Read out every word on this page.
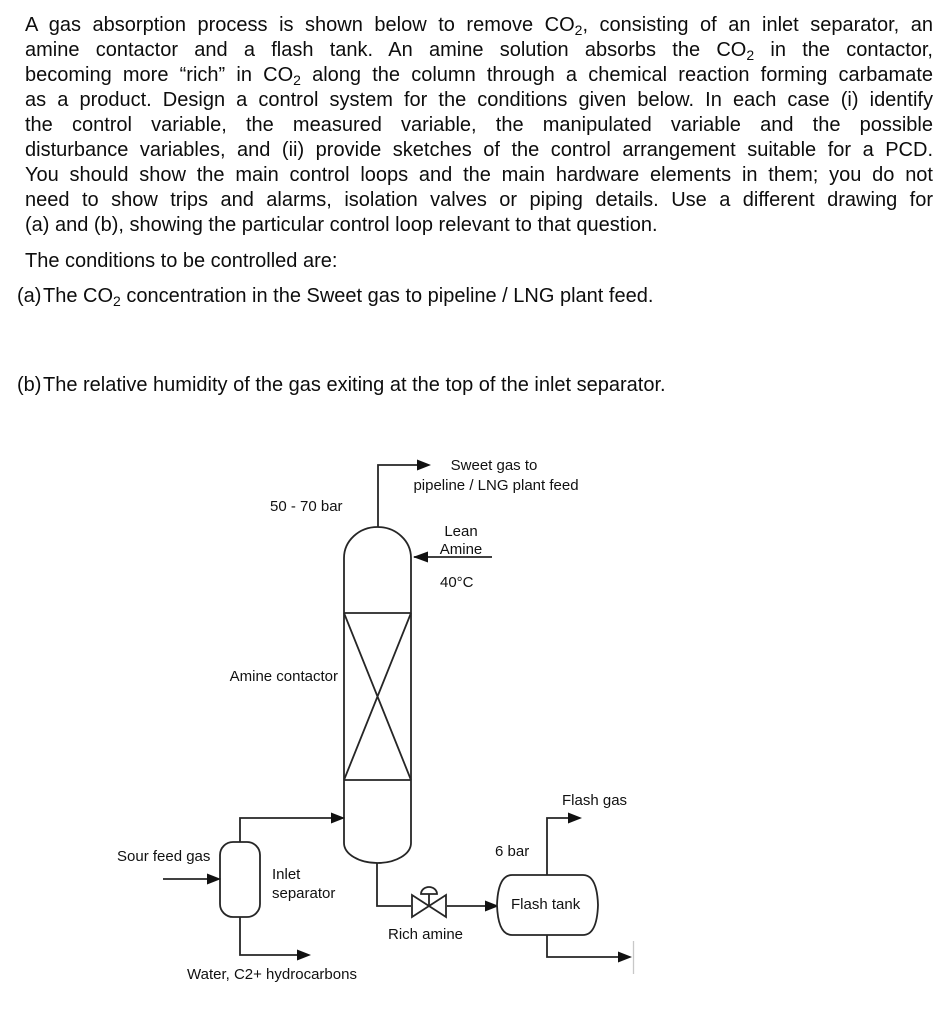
A gas absorption process is shown below to remove $CO_2$, consisting of an inlet separator, an
amine contactor and a flash tank. An amine solution absorbs the $CO_2$ in the contactor,
becoming more “rich” in $CO_2$ along the column through a chemical reaction forming carbamate
as a product. Design a control system for the conditions given below. In each case (i) identify
the control variable, the measured variable, the manipulated variable and the possible
disturbance variables, and (ii) provide sketches of the control arrangement suitable for a PCD.
You should show the main control loops and the main hardware elements in them; you do not
need to show trips and alarms, isolation valves or piping details. Use a different drawing for
(a) and (b), showing the particular control loop relevant to that question.
The conditions to be controlled are:
(a) The $CO_2$ concentration in the Sweet gas to pipeline / LNG plant feed.
(b) The relative humidity of the gas exiting at the top of the inlet separator.
Sweet gas to
pipeline / LNG plant feed
50 - 70 bar
Lean
Amine
40°C
Amine contactor
Flash gas
6 bar
Sour feed gas
Inlet
separator
Flash tank
Rich amine
Water, C2+ hydrocarbons
